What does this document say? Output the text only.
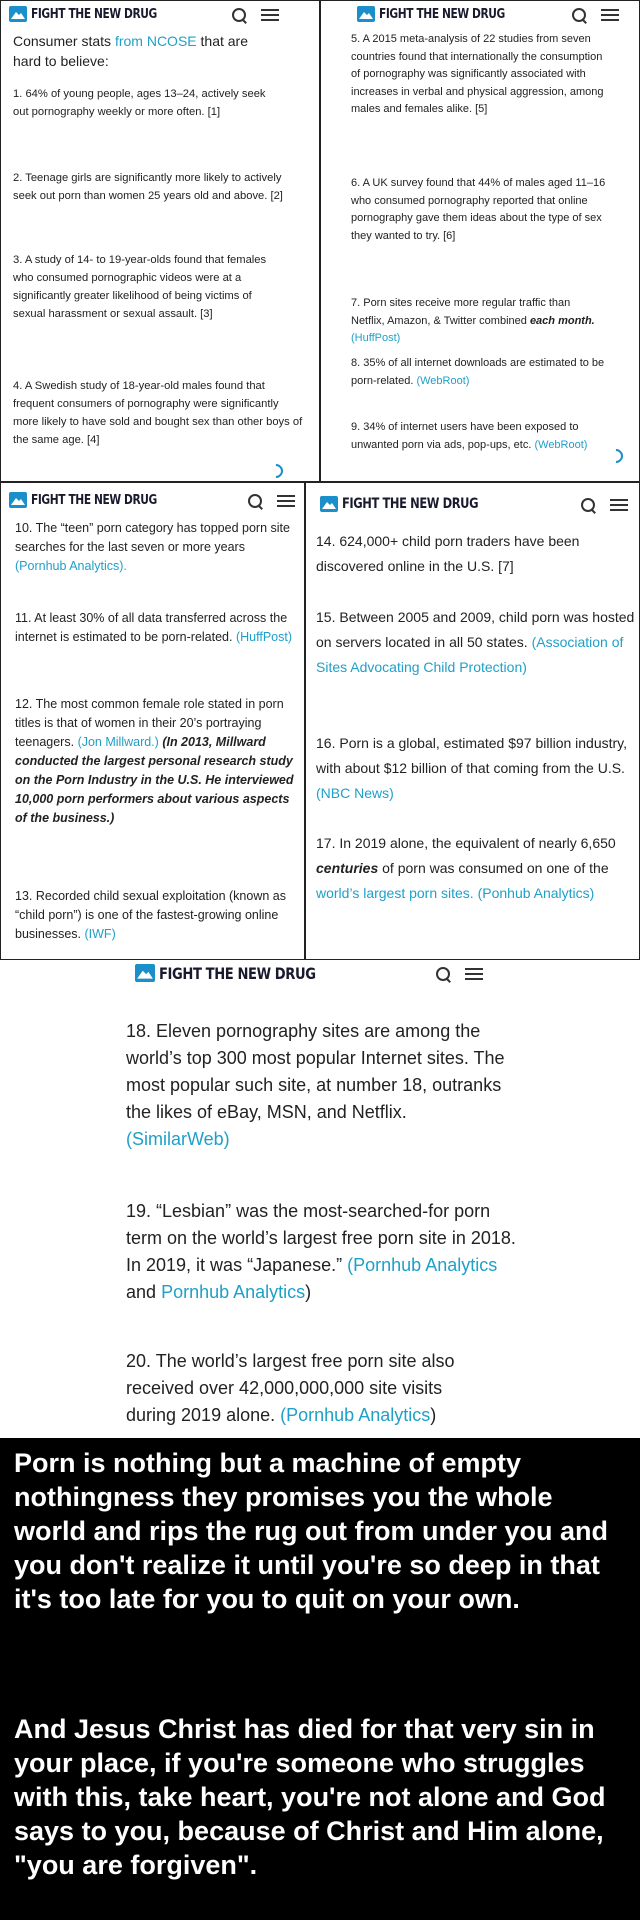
FIGHT THE NEW DRUG
Consumer stats from NCOSE that are hard to believe:
1. 64% of young people, ages 13–24, actively seek out pornography weekly or more often. [1]
2. Teenage girls are significantly more likely to actively seek out porn than women 25 years old and above. [2]
3. A study of 14- to 19-year-olds found that females who consumed pornographic videos were at a significantly greater likelihood of being victims of sexual harassment or sexual assault. [3]
4. A Swedish study of 18-year-old males found that frequent consumers of pornography were significantly more likely to have sold and bought sex than other boys of the same age. [4]
FIGHT THE NEW DRUG
5. A 2015 meta-analysis of 22 studies from seven countries found that internationally the consumption of pornography was significantly associated with increases in verbal and physical aggression, among males and females alike. [5]
6. A UK survey found that 44% of males aged 11–16 who consumed pornography reported that online pornography gave them ideas about the type of sex they wanted to try. [6]
7. Porn sites receive more regular traffic than Netflix, Amazon, & Twitter combined each month. (HuffPost)
8. 35% of all internet downloads are estimated to be porn-related. (WebRoot)
9. 34% of internet users have been exposed to unwanted porn via ads, pop-ups, etc. (WebRoot)
FIGHT THE NEW DRUG
10. The “teen” porn category has topped porn site searches for the last seven or more years (Pornhub Analytics).
11. At least 30% of all data transferred across the internet is estimated to be porn-related. (HuffPost)
12. The most common female role stated in porn titles is that of women in their 20’s portraying teenagers. (Jon Millward.) (In 2013, Millward conducted the largest personal research study on the Porn Industry in the U.S. He interviewed 10,000 porn performers about various aspects of the business.)
13. Recorded child sexual exploitation (known as “child porn”) is one of the fastest-growing online businesses. (IWF)
FIGHT THE NEW DRUG
14. 624,000+ child porn traders have been discovered online in the U.S. [7]
15. Between 2005 and 2009, child porn was hosted on servers located in all 50 states. (Association of Sites Advocating Child Protection)
16. Porn is a global, estimated $97 billion industry, with about $12 billion of that coming from the U.S. (NBC News)
17. In 2019 alone, the equivalent of nearly 6,650 centuries of porn was consumed on one of the world’s largest porn sites. (Ponhub Analytics)
FIGHT THE NEW DRUG
18. Eleven pornography sites are among the world’s top 300 most popular Internet sites. The most popular such site, at number 18, outranks the likes of eBay, MSN, and Netflix. (SimilarWeb)
19. “Lesbian” was the most-searched-for porn term on the world’s largest free porn site in 2018. In 2019, it was “Japanese.” (Pornhub Analytics and Pornhub Analytics)
20. The world’s largest free porn site also received over 42,000,000,000 site visits during 2019 alone. (Pornhub Analytics)
Porn is nothing but a machine of empty nothingness they promises you the whole world and rips the rug out from under you and you don't realize it until you're so deep in that it's too late for you to quit on your own.
And Jesus Christ has died for that very sin in your place, if you're someone who struggles with this, take heart, you're not alone and God says to you, because of Christ and Him alone, "you are forgiven".
